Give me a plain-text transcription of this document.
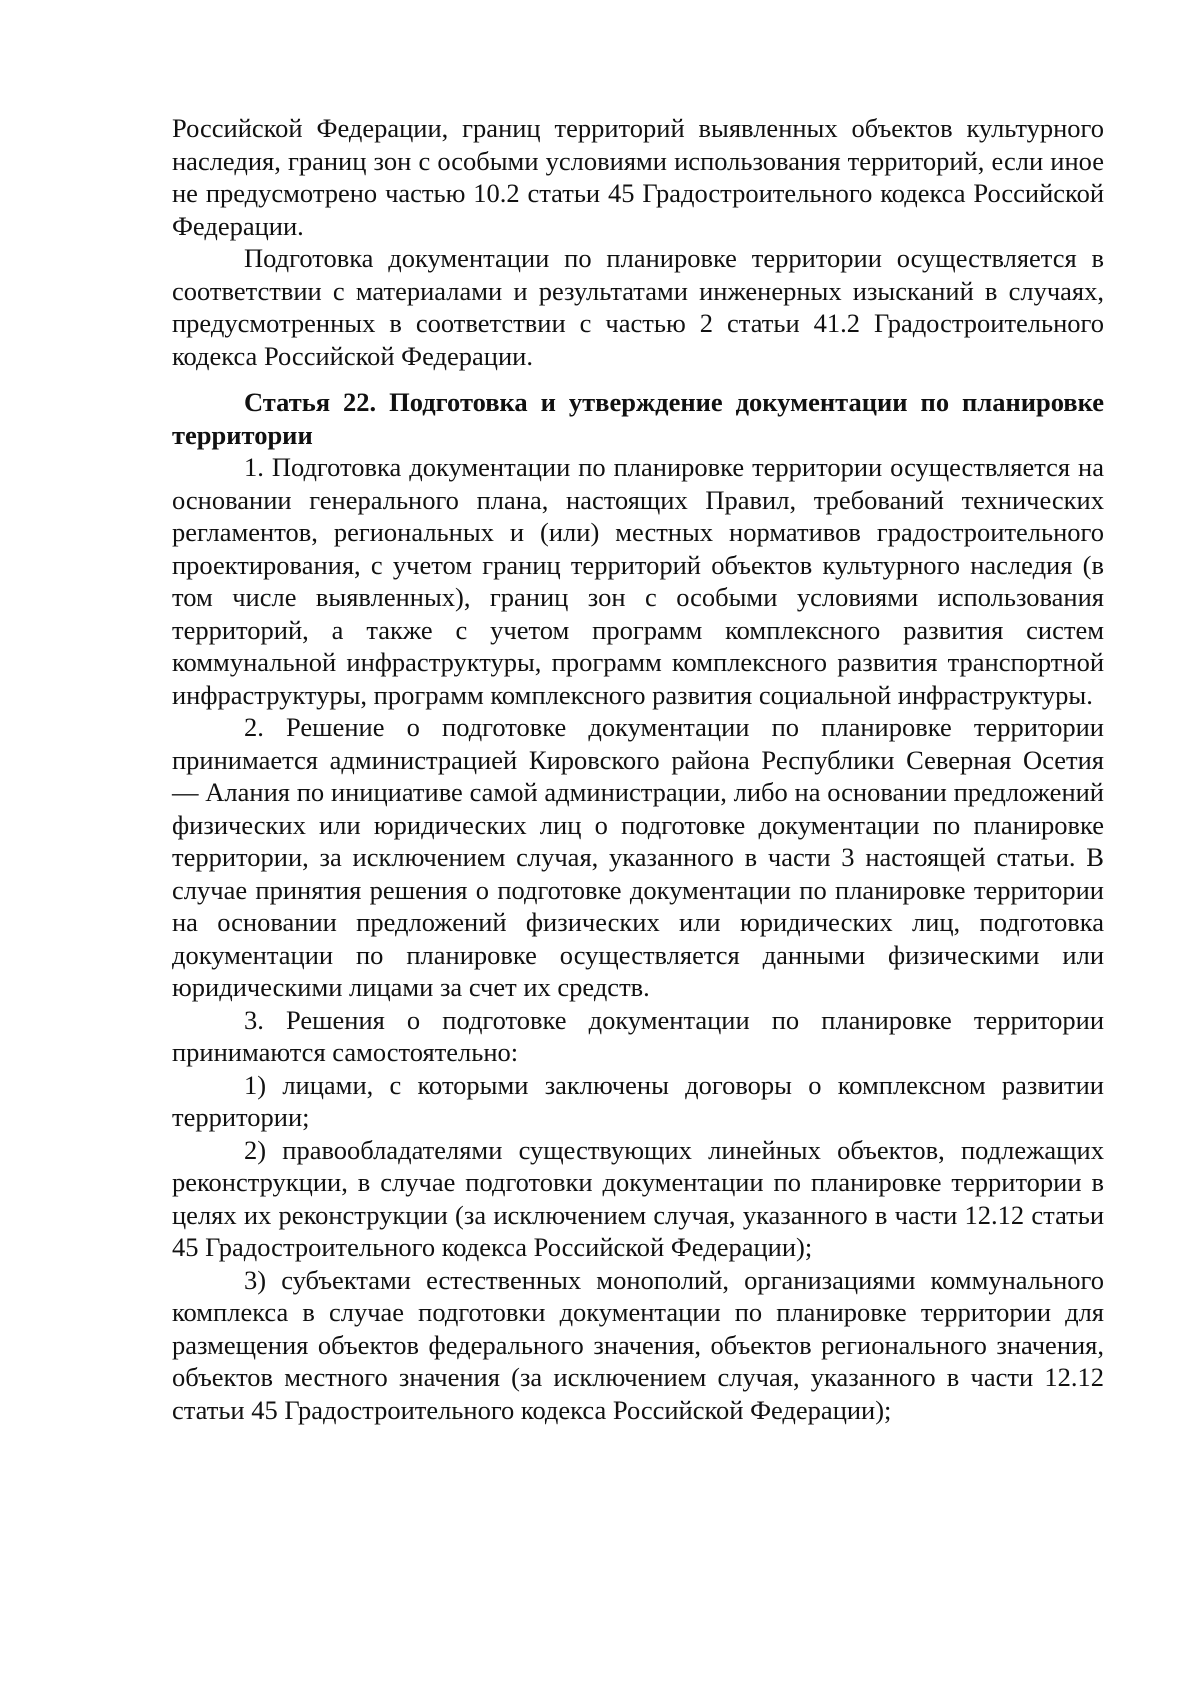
Российской Федерации, границ территорий выявленных объектов культурного наследия, границ зон с особыми условиями использования территорий, если иное не предусмотрено частью 10.2 статьи 45 Градостроительного кодекса Российской Федерации.

Подготовка документации по планировке территории осуществляется в соответствии с материалами и результатами инженерных изысканий в случаях, предусмотренных в соответствии с частью 2 статьи 41.2 Градостроительного кодекса Российской Федерации.

Статья 22. Подготовка и утверждение документации по планировке территории

1. Подготовка документации по планировке территории осуществляется на основании генерального плана, настоящих Правил, требований технических регламентов, региональных и (или) местных нормативов градостроительного проектирования, с учетом границ территорий объектов культурного наследия (в том числе выявленных), границ зон с особыми условиями использования территорий, а также с учетом программ комплексного развития систем коммунальной инфраструктуры, программ комплексного развития транспортной инфраструктуры, программ комплексного развития социальной инфраструктуры.

2. Решение о подготовке документации по планировке территории принимается администрацией Кировского района Республики Северная Осетия — Алания по инициативе самой администрации, либо на основании предложений физических или юридических лиц о подготовке документации по планировке территории, за исключением случая, указанного в части 3 настоящей статьи. В случае принятия решения о подготовке документации по планировке территории на основании предложений физических или юридических лиц, подготовка документации по планировке осуществляется данными физическими или юридическими лицами за счет их средств.

3. Решения о подготовке документации по планировке территории принимаются самостоятельно:

1) лицами, с которыми заключены договоры о комплексном развитии территории;

2) правообладателями существующих линейных объектов, подлежащих реконструкции, в случае подготовки документации по планировке территории в целях их реконструкции (за исключением случая, указанного в части 12.12 статьи 45 Градостроительного кодекса Российской Федерации);

3) субъектами естественных монополий, организациями коммунального комплекса в случае подготовки документации по планировке территории для размещения объектов федерального значения, объектов регионального значения, объектов местного значения (за исключением случая, указанного в части 12.12 статьи 45 Градостроительного кодекса Российской Федерации);
